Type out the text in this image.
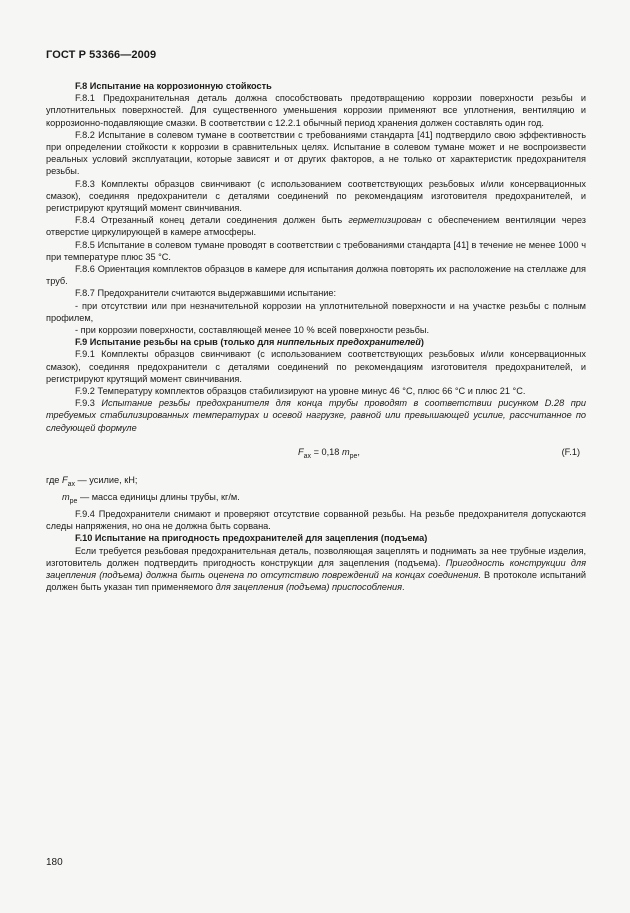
ГОСТ Р 53366—2009

F.8 Испытание на коррозионную стойкость

F.8.1 Предохранительная деталь должна способствовать предотвращению коррозии поверхности резьбы и уплотнительных поверхностей. Для существенного уменьшения коррозии применяют все уплотнения, вентиляцию и коррозионно-подавляющие смазки. В соответствии с 12.2.1 обычный период хранения должен составлять один год.

F.8.2 Испытание в солевом тумане в соответствии с требованиями стандарта [41] подтвердило свою эффективность при определении стойкости к коррозии в сравнительных целях. Испытание в солевом тумане может и не воспроизвести реальных условий эксплуатации, которые зависят и от других факторов, а не только от характеристик предохранителя резьбы.

F.8.3 Комплекты образцов свинчивают (с использованием соответствующих резьбовых и/или консервационных смазок), соединяя предохранители с деталями соединений по рекомендациям изготовителя предохранителей, и регистрируют крутящий момент свинчивания.

F.8.4 Отрезанный конец детали соединения должен быть герметизирован с обеспечением вентиляции через отверстие циркулирующей в камере атмосферы.

F.8.5 Испытание в солевом тумане проводят в соответствии с требованиями стандарта [41] в течение не менее 1000 ч при температуре плюс 35 °С.

F.8.6 Ориентация комплектов образцов в камере для испытания должна повторять их расположение на стеллаже для труб.

F.8.7 Предохранители считаются выдержавшими испытание:

- при отсутствии или при незначительной коррозии на уплотнительной поверхности и на участке резьбы с полным профилем,

- при коррозии поверхности, составляющей менее 10 % всей поверхности резьбы.

F.9 Испытание резьбы на срыв (только для ниппельных предохранителей)

F.9.1 Комплекты образцов свинчивают (с использованием соответствующих резьбовых и/или консервационных смазок), соединяя предохранители с деталями соединений по рекомендациям изготовителя предохранителей, и регистрируют крутящий момент свинчивания.

F.9.2 Температуру комплектов образцов стабилизируют на уровне минус 46 °С, плюс 66 °С и плюс 21 °С.

F.9.3 Испытание резьбы предохранителя для конца трубы проводят в соответствии рисунком D.28 при требуемых стабилизированных температурах и осевой нагрузке, равной или превышающей усилие, рассчитанное по следующей формуле

$F_{ax} = 0,18$ $m_{pe}$,	(F.1)

где $F_{ax}$ — усилие, кН;

$m_{pe}$ — масса единицы длины трубы, кг/м.

F.9.4 Предохранители снимают и проверяют отсутствие сорванной резьбы. На резьбе предохранителя допускаются следы напряжения, но она не должна быть сорвана.

F.10 Испытание на пригодность предохранителей для зацепления (подъема)

Если требуется резьбовая предохранительная деталь, позволяющая зацеплять и поднимать за нее трубные изделия, изготовитель должен подтвердить пригодность конструкции для зацепления (подъема). Пригодность конструкции для зацепления (подъема) должна быть оценена по отсутствию повреждений на концах соединения. В протоколе испытаний должен быть указан тип применяемого для зацепления (подъема) приспособления.

180
